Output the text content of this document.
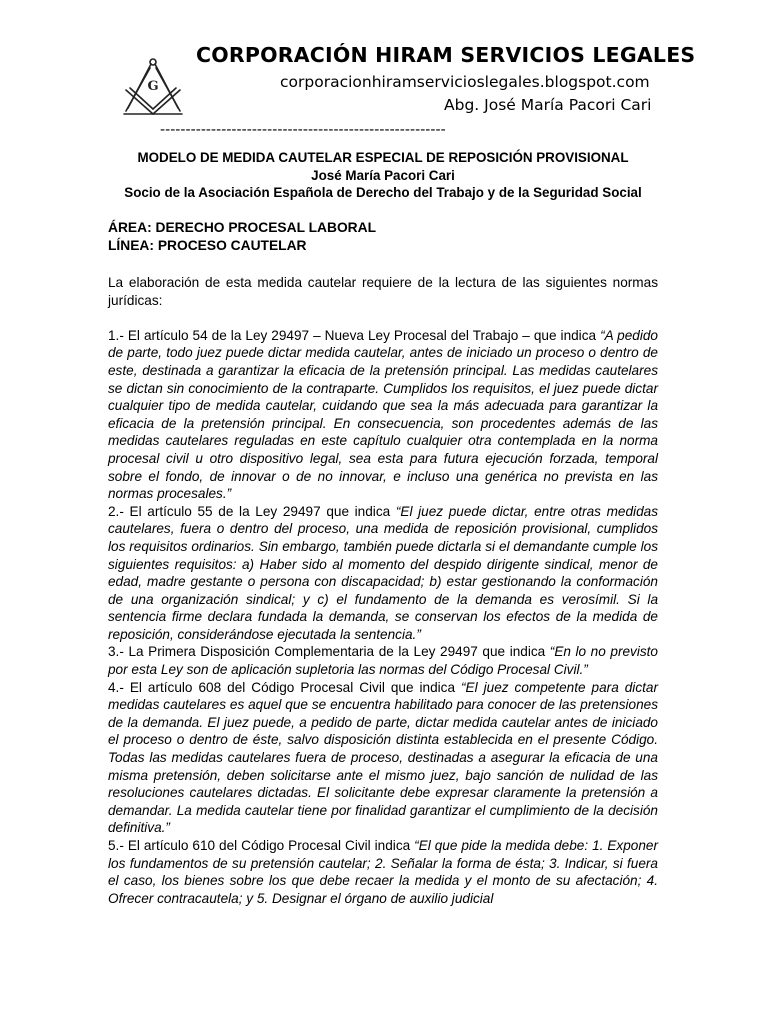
G
CORPORACIÓN HIRAM SERVICIOS LEGALES
corporacionhiramservicioslegales.blogspot.com
Abg. José María Pacori Cari
--------------------------------------------------------
MODELO DE MEDIDA CAUTELAR ESPECIAL DE REPOSICIÓN PROVISIONAL
José María Pacori Cari
Socio de la Asociación Española de Derecho del Trabajo y de la Seguridad Social
ÁREA: DERECHO PROCESAL LABORAL
LÍNEA: PROCESO CAUTELAR

La elaboración de esta medida cautelar requiere de la lectura de las siguientes normas jurídicas:

1.- El artículo 54 de la Ley 29497 – Nueva Ley Procesal del Trabajo – que indica “A pedido de parte, todo juez puede dictar medida cautelar, antes de iniciado un proceso o dentro de este, destinada a garantizar la eficacia de la pretensión principal. Las medidas cautelares se dictan sin conocimiento de la contraparte. Cumplidos los requisitos, el juez puede dictar cualquier tipo de medida cautelar, cuidando que sea la más adecuada para garantizar la eficacia de la pretensión principal. En consecuencia, son procedentes además de las medidas cautelares reguladas en este capítulo cualquier otra contemplada en la norma procesal civil u otro dispositivo legal, sea esta para futura ejecución forzada, temporal sobre el fondo, de innovar o de no innovar, e incluso una genérica no prevista en las normas procesales.”

2.- El artículo 55 de la Ley 29497 que indica “El juez puede dictar, entre otras medidas cautelares, fuera o dentro del proceso, una medida de reposición provisional, cumplidos los requisitos ordinarios. Sin embargo, también puede dictarla si el demandante cumple los siguientes requisitos: a) Haber sido al momento del despido dirigente sindical, menor de edad, madre gestante o persona con discapacidad; b) estar gestionando la conformación de una organización sindical; y c) el fundamento de la demanda es verosímil. Si la sentencia firme declara fundada la demanda, se conservan los efectos de la medida de reposición, considerándose ejecutada la sentencia.”

3.- La Primera Disposición Complementaria de la Ley 29497 que indica “En lo no previsto por esta Ley son de aplicación supletoria las normas del Código Procesal Civil.”

4.- El artículo 608 del Código Procesal Civil que indica “El juez competente para dictar medidas cautelares es aquel que se encuentra habilitado para conocer de las pretensiones de la demanda. El juez puede, a pedido de parte, dictar medida cautelar antes de iniciado el proceso o dentro de éste, salvo disposición distinta establecida en el presente Código. Todas las medidas cautelares fuera de proceso, destinadas a asegurar la eficacia de una misma pretensión, deben solicitarse ante el mismo juez, bajo sanción de nulidad de las resoluciones cautelares dictadas. El solicitante debe expresar claramente la pretensión a demandar. La medida cautelar tiene por finalidad garantizar el cumplimiento de la decisión definitiva.”

5.- El artículo 610 del Código Procesal Civil indica “El que pide la medida debe: 1. Exponer los fundamentos de su pretensión cautelar; 2. Señalar la forma de ésta; 3. Indicar, si fuera el caso, los bienes sobre los que debe recaer la medida y el monto de su afectación; 4. Ofrecer contracautela; y 5. Designar el órgano de auxilio judicial
